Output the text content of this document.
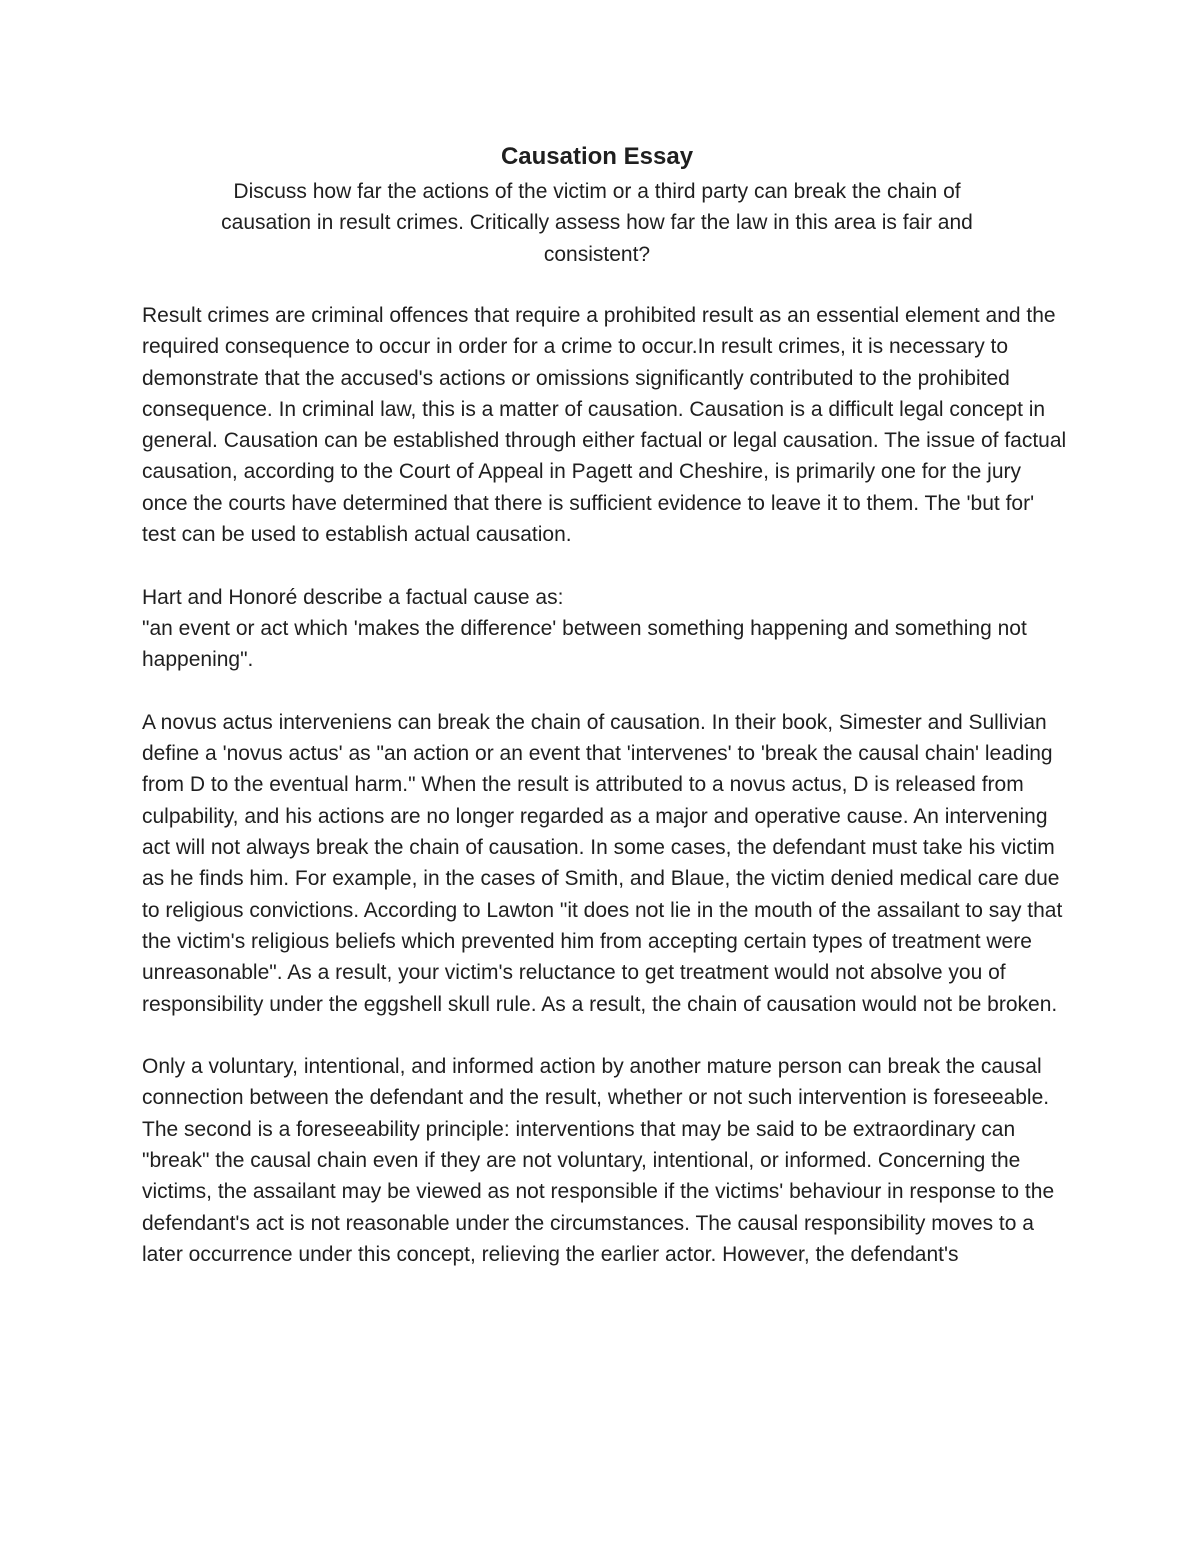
Causation Essay

Discuss how far the actions of the victim or a third party can break the chain of causation in result crimes. Critically assess how far the law in this area is fair and consistent?

Result crimes are criminal offences that require a prohibited result as an essential element and the required consequence to occur in order for a crime to occur.In result crimes, it is necessary to demonstrate that the accused's actions or omissions significantly contributed to the prohibited consequence. In criminal law, this is a matter of causation. Causation is a difficult legal concept in general. Causation can be established through either factual or legal causation. The issue of factual causation, according to the Court of Appeal in Pagett and Cheshire, is primarily one for the jury once the courts have determined that there is sufficient evidence to leave it to them. The 'but for' test can be used to establish actual causation.

Hart and Honoré describe a factual cause as:
"an event or act which 'makes the difference' between something happening and something not happening".

A novus actus interveniens can break the chain of causation. In their book, Simester and Sullivian define a 'novus actus' as "an action or an event that 'intervenes' to 'break the causal chain' leading from D to the eventual harm." When the result is attributed to a novus actus, D is released from culpability, and his actions are no longer regarded as a major and operative cause. An intervening act will not always break the chain of causation. In some cases, the defendant must take his victim as he finds him. For example, in the cases of Smith, and Blaue, the victim denied medical care due to religious convictions. According to Lawton "it does not lie in the mouth of the assailant to say that the victim's religious beliefs which prevented him from accepting certain types of treatment were unreasonable". As a result, your victim's reluctance to get treatment would not absolve you of responsibility under the eggshell skull rule. As a result, the chain of causation would not be broken.

Only a voluntary, intentional, and informed action by another mature person can break the causal connection between the defendant and the result, whether or not such intervention is foreseeable. The second is a foreseeability principle: interventions that may be said to be extraordinary can "break" the causal chain even if they are not voluntary, intentional, or informed. Concerning the victims, the assailant may be viewed as not responsible if the victims' behaviour in response to the defendant's act is not reasonable under the circumstances. The causal responsibility moves to a later occurrence under this concept, relieving the earlier actor. However, the defendant's
